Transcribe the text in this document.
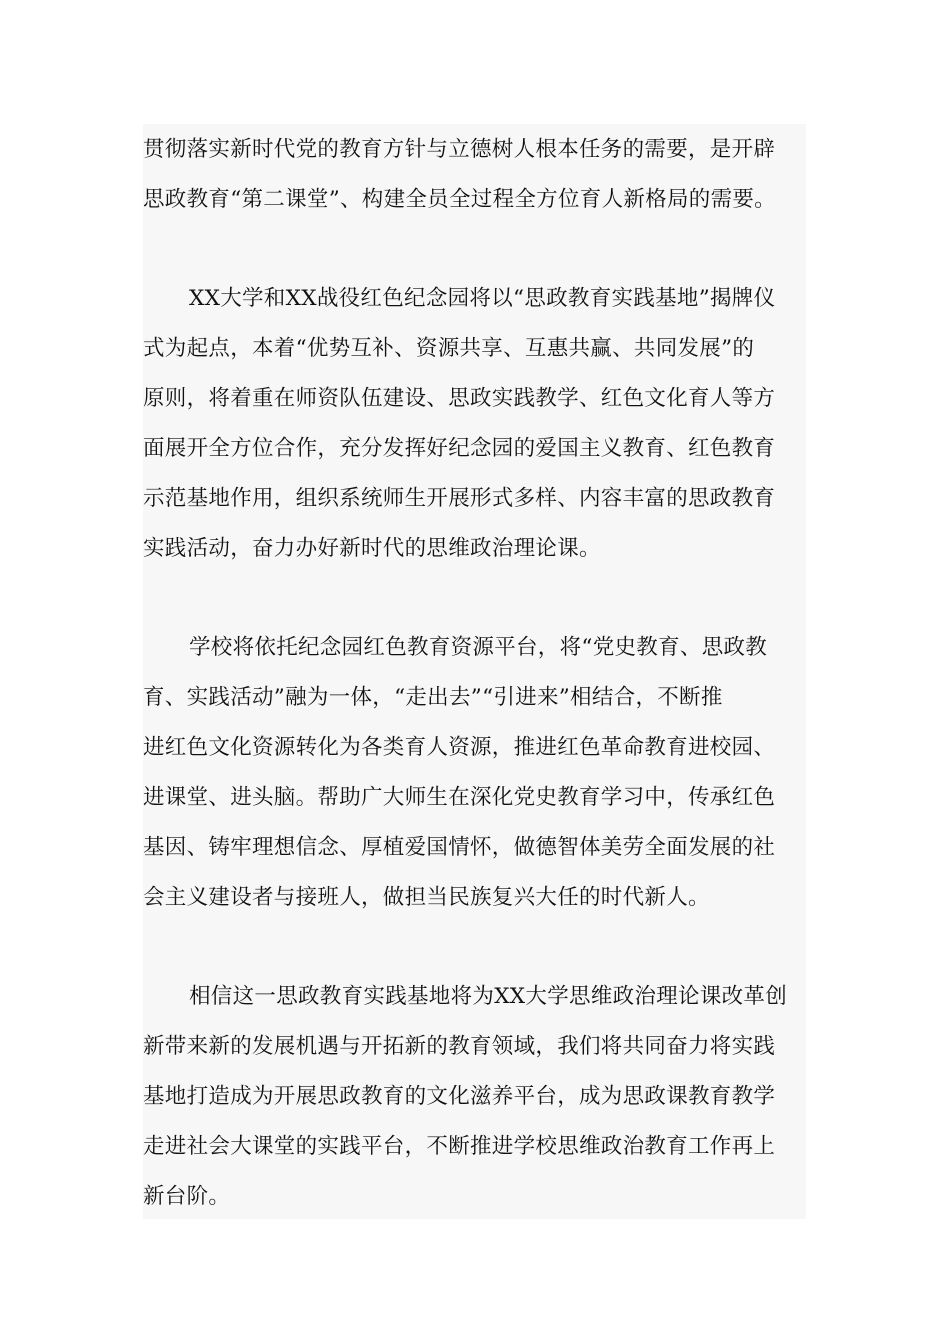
贯彻落实新时代党的教育方针与立德树人根本任务的需要，是开辟
思政教育“第二课堂”、构建全员全过程全方位育人新格局的需要。
XX大学和XX战役红色纪念园将以“思政教育实践基地”揭牌仪
式为起点，本着“优势互补、资源共享、互惠共赢、共同发展”的
原则，将着重在师资队伍建设、思政实践教学、红色文化育人等方
面展开全方位合作，充分发挥好纪念园的爱国主义教育、红色教育
示范基地作用，组织系统师生开展形式多样、内容丰富的思政教育
实践活动，奋力办好新时代的思维政治理论课。
学校将依托纪念园红色教育资源平台，将“党史教育、思政教
育、实践活动”融为一体，“走出去”“引进来”相结合，不断推
进红色文化资源转化为各类育人资源，推进红色革命教育进校园、
进课堂、进头脑。帮助广大师生在深化党史教育学习中，传承红色
基因、铸牢理想信念、厚植爱国情怀，做德智体美劳全面发展的社
会主义建设者与接班人，做担当民族复兴大任的时代新人。
相信这一思政教育实践基地将为XX大学思维政治理论课改革创
新带来新的发展机遇与开拓新的教育领域，我们将共同奋力将实践
基地打造成为开展思政教育的文化滋养平台，成为思政课教育教学
走进社会大课堂的实践平台，不断推进学校思维政治教育工作再上
新台阶。
